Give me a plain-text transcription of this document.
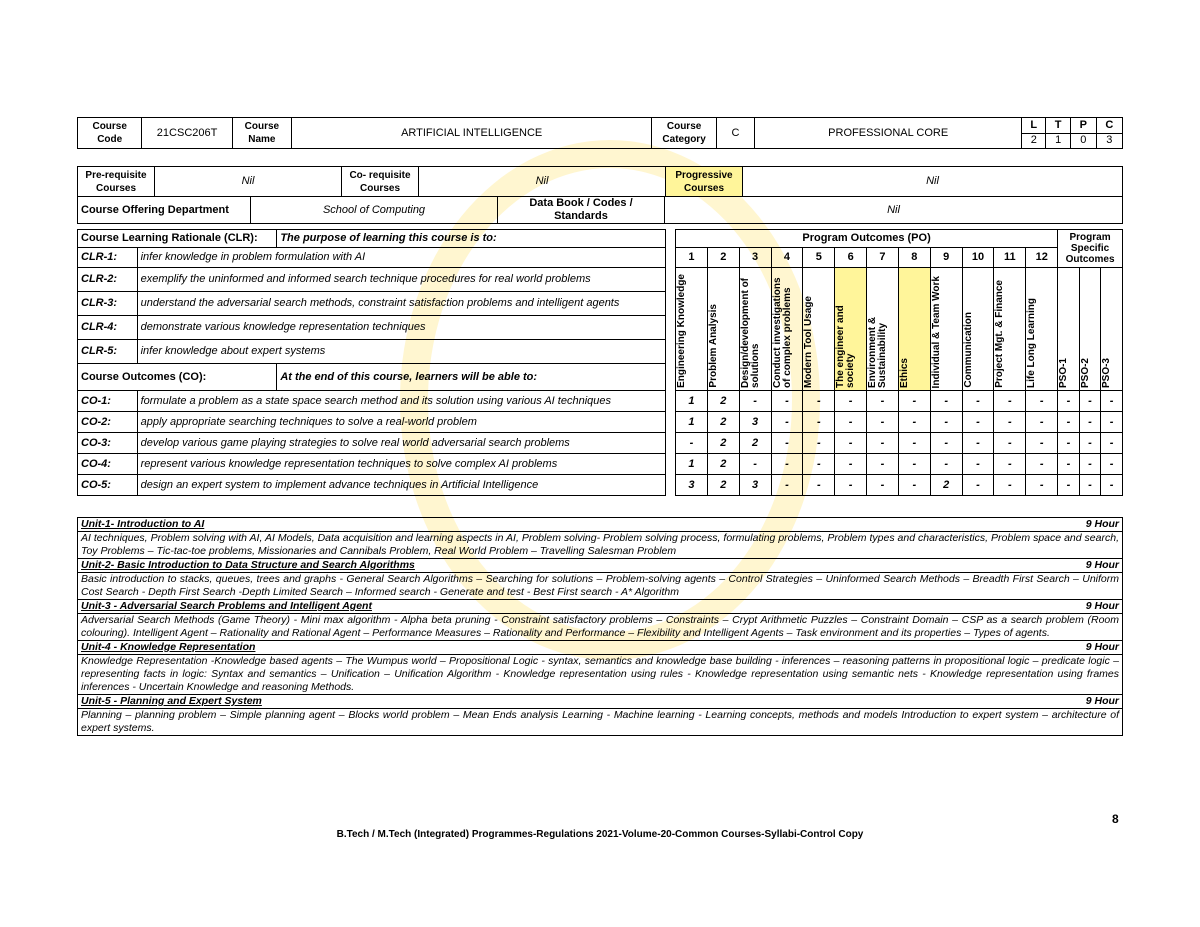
Course Code	21CSC206T	Course Name	ARTIFICIAL INTELLIGENCE	Course Category	C	PROFESSIONAL CORE	
L	T	P	C
2	1	0	3
Pre-requisite Courses	Nil	Co- requisite Courses	Nil	Progressive Courses	Nil
Course Offering Department	School of Computing	Data Book / Codes / Standards	Nil
Course Learning Rationale (CLR):		The purpose of learning this course is to:		Program Outcomes (PO)												Program Specific Outcomes		
CLR-1:	infer knowledge in problem formulation with AI			1	2	3	4	5	6	7	8	9	10	11	12			
CLR-2:	exemplify the uninformed and informed search technique procedures for real world problems			Engineering Knowledge	Problem Analysis	Design/development of solutions	Conduct investigations of complex problems	Modern Tool Usage	The engineer and society	Environment & Sustainability	Ethics	Individual & Team Work	Communication	Project Mgt. & Finance	Life Long Learning	PSO-1	PSO-2	PSO-3

CLR-3:	understand the adversarial search methods, constraint satisfaction problems and intelligent agents																	
CLR-4:	demonstrate various knowledge representation techniques																	
CLR-5:	infer knowledge about expert systems																	
Course Outcomes (CO):		At the end of this course, learners will be able to:																
CO-1:	formulate a problem as a state space search method and its solution using various AI techniques			1	2	-	-	-	-	-	-	-	-	-	-	-	-	-
CO-2:	apply appropriate searching techniques to solve a real-world problem			1	2	3	-	-	-	-	-	-	-	-	-	-	-	-
CO-3:	develop various game playing strategies to solve real world adversarial search problems			-	2	2	-	-	-	-	-	-	-	-	-	-	-	-
CO-4:	represent various knowledge representation techniques to solve complex AI problems			1	2	-	-	-	-	-	-	-	-	-	-	-	-	-
CO-5:	design an expert system to implement advance techniques in Artificial Intelligence			3	2	3	-	-	-	-	-	2	-	-	-	-	-	-
Unit-1- Introduction to AI	9 Hour
AI techniques, Problem solving with AI, AI Models, Data acquisition and learning aspects in AI, Problem solving- Problem solving process, formulating problems, Problem types and characteristics, Problem space and search, Toy Problems – Tic-tac-toe problems, Missionaries and Cannibals Problem, Real World Problem – Travelling Salesman Problem	
Unit-2- Basic Introduction to Data Structure and Search Algorithms	9 Hour
Basic introduction to stacks, queues, trees and graphs - General Search Algorithms – Searching for solutions – Problem-solving agents – Control Strategies – Uninformed Search Methods – Breadth First Search – Uniform Cost Search - Depth First Search -Depth Limited Search – Informed search - Generate and test - Best First search - A* Algorithm	
Unit-3 - Adversarial Search Problems and Intelligent Agent	9 Hour
Adversarial Search Methods (Game Theory) - Mini max algorithm - Alpha beta pruning - Constraint satisfactory problems – Constraints – Crypt Arithmetic Puzzles – Constraint Domain – CSP as a search problem (Room colouring). Intelligent Agent – Rationality and Rational Agent – Performance Measures – Rationality and Performance – Flexibility and Intelligent Agents – Task environment and its properties – Types of agents.	
Unit-4 - Knowledge Representation	9 Hour
Knowledge Representation -Knowledge based agents – The Wumpus world – Propositional Logic - syntax, semantics and knowledge base building - inferences – reasoning patterns in propositional logic – predicate logic – representing facts in logic: Syntax and semantics – Unification – Unification Algorithm - Knowledge representation using rules - Knowledge representation using semantic nets - Knowledge representation using frames inferences - Uncertain Knowledge and reasoning Methods.	
Unit-5 - Planning and Expert System	9 Hour
Planning – planning problem – Simple planning agent – Blocks world problem – Mean Ends analysis Learning - Machine learning - Learning concepts, methods and models Introduction to expert system – architecture of expert systems.	
8
B.Tech / M.Tech (Integrated) Programmes-Regulations 2021-Volume-20-Common Courses-Syllabi-Control Copy
